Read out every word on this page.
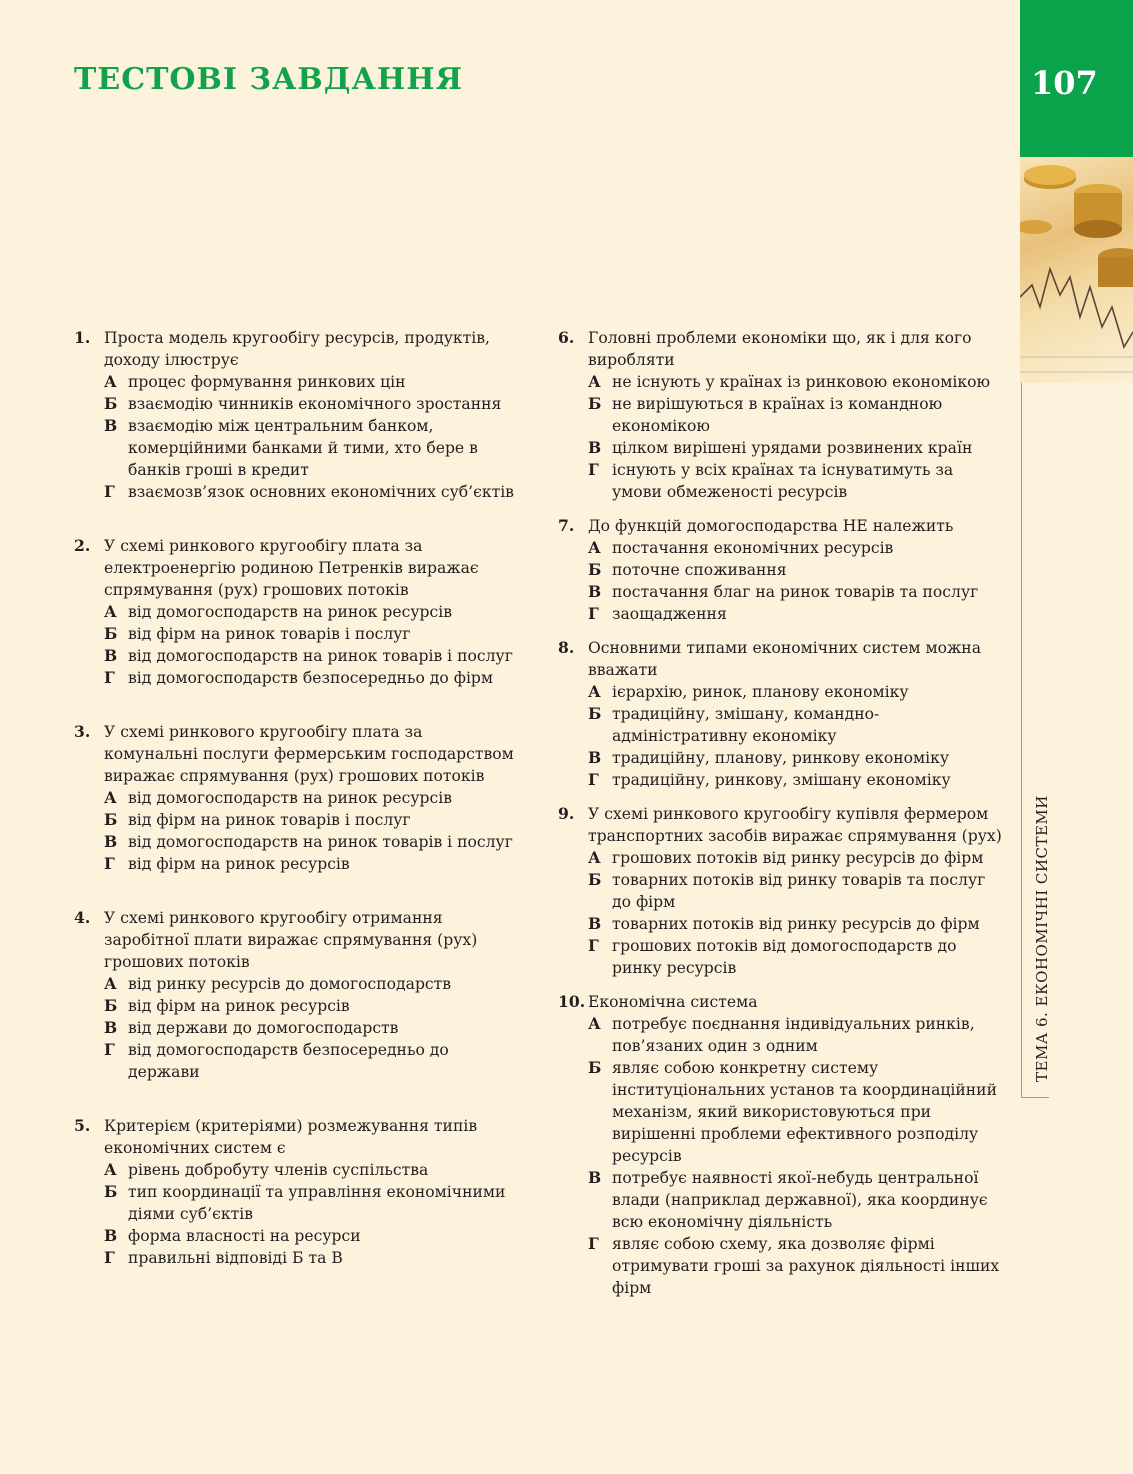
ТЕСТОВІ ЗАВДАННЯ	107
ТЕМА 6. ЕКОНОМІЧНІ СИСТЕМИ
1. Проста модель кругообігу ресурсів, продуктів, доходу ілюструє
А процес формування ринкових цін
Б взаємодію чинників економічного зростання
В взаємодію між центральним банком, комерційними банками й тими, хто бере в банків гроші в кредит
Г взаємозв’язок основних економічних суб’єктів
2. У схемі ринкового кругообігу плата за електроенергію родиною Петренків виражає спрямування (рух) грошових потоків
А від домогосподарств на ринок ресурсів
Б від фірм на ринок товарів і послуг
В від домогосподарств на ринок товарів і послуг
Г від домогосподарств безпосередньо до фірм
3. У схемі ринкового кругообігу плата за комунальні послуги фермерським господарством виражає спрямування (рух) грошових потоків
А від домогосподарств на ринок ресурсів
Б від фірм на ринок товарів і послуг
В від домогосподарств на ринок товарів і послуг
Г від фірм на ринок ресурсів
4. У схемі ринкового кругообігу отримання заробітної плати виражає спрямування (рух) грошових потоків
А від ринку ресурсів до домогосподарств
Б від фірм на ринок ресурсів
В від держави до домогосподарств
Г від домогосподарств безпосередньо до держави
5. Критерієм (критеріями) розмежування типів економічних систем є
А рівень добробуту членів суспільства
Б тип координації та управління економічними діями суб’єктів
В форма власності на ресурси
Г правильні відповіді Б та В
6. Головні проблеми економіки що, як і для кого виробляти
А не існують у країнах із ринковою економікою
Б не вирішуються в країнах із командною економікою
В цілком вирішені урядами розвинених країн
Г існують у всіх країнах та існуватимуть за умови обмеженості ресурсів
7. До функцій домогосподарства НЕ належить
А постачання економічних ресурсів
Б поточне споживання
В постачання благ на ринок товарів та послуг
Г заощадження
8. Основними типами економічних систем можна вважати
А ієрархію, ринок, планову економіку
Б традиційну, змішану, командно-адміністративну економіку
В традиційну, планову, ринкову економіку
Г традиційну, ринкову, змішану економіку
9. У схемі ринкового кругообігу купівля фермером транспортних засобів виражає спрямування (рух)
А грошових потоків від ринку ресурсів до фірм
Б товарних потоків від ринку товарів та послуг до фірм
В товарних потоків від ринку ресурсів до фірм
Г грошових потоків від домогосподарств до ринку ресурсів
10. Економічна система
А потребує поєднання індивідуальних ринків, пов’язаних один з одним
Б являє собою конкретну систему інституціональних установ та координаційний механізм, який використовуються при вирішенні проблеми ефективного розподілу ресурсів
В потребує наявності якої-небудь центральної влади (наприклад державної), яка координує всю економічну діяльність
Г являє собою схему, яка дозволяє фірмі отримувати гроші за рахунок діяльності інших фірм
